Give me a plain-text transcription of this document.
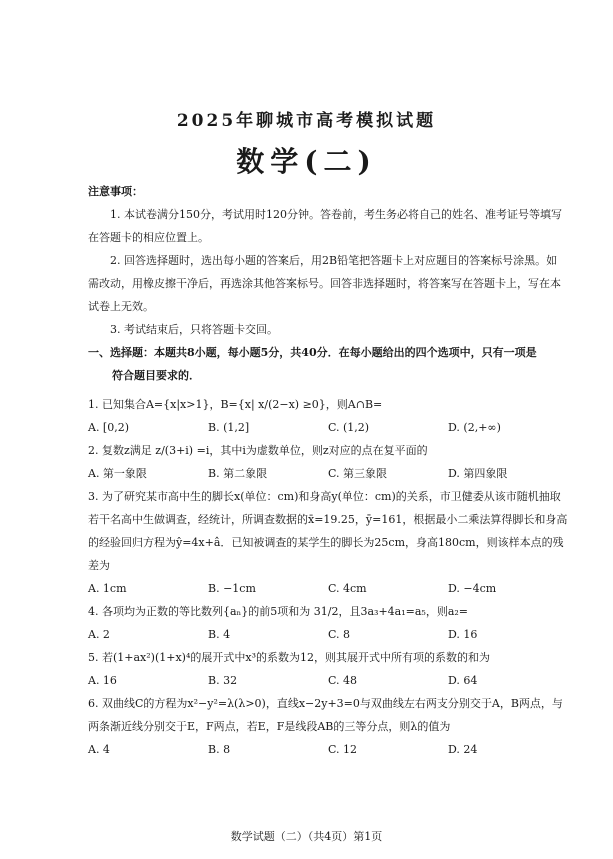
2025年聊城市高考模拟试题
数学(二)
注意事项：

1. 本试卷满分150分，考试用时120分钟。答卷前，考生务必将自己的姓名、准考证号等填写在答题卡的相应位置上。

2. 回答选择题时，选出每小题的答案后，用2B铅笔把答题卡上对应题目的答案标号涂黑。如需改动，用橡皮擦干净后，再选涂其他答案标号。回答非选择题时，将答案写在答题卡上，写在本试卷上无效。

3. 考试结束后，只将答题卡交回。

一、选择题：本题共8小题，每小题5分，共40分．在每小题给出的四个选项中，只有一项是
符合题目要求的．

1. 已知集合A={x|x>1}，B={x| x/(2−x) ≥0}，则A∩B=

A. [0,2)	B. (1,2]	C. (1,2)	D. (2,+∞)

2. 复数z满足 z/(3+i) =i，其中i为虚数单位，则z对应的点在复平面的

A. 第一象限	B. 第二象限	C. 第三象限	D. 第四象限

3. 为了研究某市高中生的脚长x(单位：cm)和身高y(单位：cm)的关系，市卫健委从该市随机抽取若干名高中生做调查，经统计，所调查数据的x̄=19.25，ȳ=161，根据最小二乘法算得脚长和身高的经验回归方程为ŷ=4x+â．已知被调查的某学生的脚长为25cm，身高180cm，则该样本点的残差为

A. 1cm	B. −1cm	C. 4cm	D. −4cm

4. 各项均为正数的等比数列{aₙ}的前5项和为 31/2，且3a₃+4a₁=a₅，则a₂=

A. 2	B. 4	C. 8	D. 16

5. 若(1+ax²)(1+x)⁴的展开式中x³的系数为12，则其展开式中所有项的系数的和为

A. 16	B. 32	C. 48	D. 64

6. 双曲线C的方程为x²−y²=λ(λ>0)，直线x−2y+3=0与双曲线左右两支分别交于A，B两点，与两条渐近线分别交于E，F两点，若E，F是线段AB的三等分点，则λ的值为

A. 4	B. 8	C. 12	D. 24
数学试题（二）（共4页）第1页
